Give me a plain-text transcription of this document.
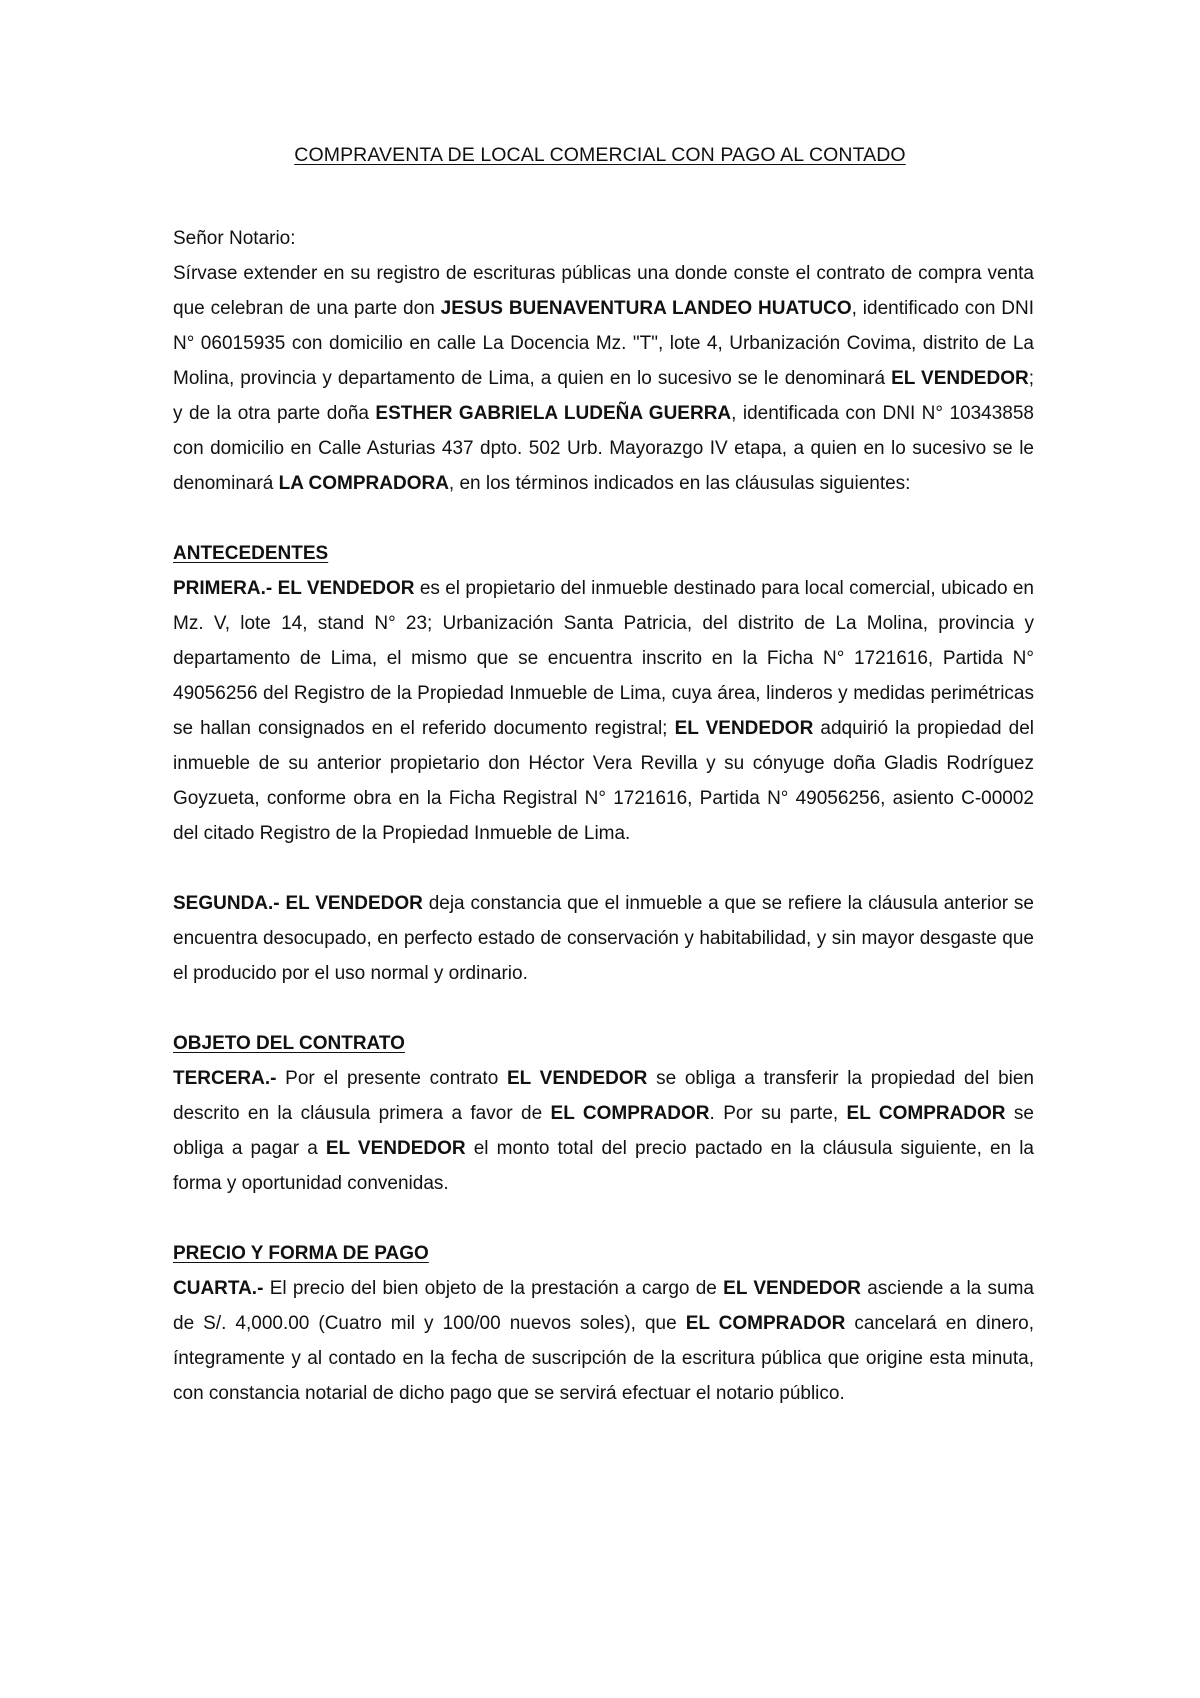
COMPRAVENTA DE LOCAL COMERCIAL CON PAGO AL CONTADO

Señor Notario:

Sírvase extender en su registro de escrituras públicas una donde conste el contrato de compra venta que celebran de una parte don JESUS BUENAVENTURA LANDEO HUATUCO, identificado con DNI N° 06015935 con domicilio en calle La Docencia Mz. "T", lote 4, Urbanización Covima, distrito de La Molina, provincia y departamento de Lima, a quien en lo sucesivo se le denominará EL VENDEDOR; y de la otra parte doña ESTHER GABRIELA LUDEÑA GUERRA, identificada con DNI N° 10343858 con domicilio en Calle Asturias 437 dpto. 502 Urb. Mayorazgo IV etapa, a quien en lo sucesivo se le denominará LA COMPRADORA, en los términos indicados en las cláusulas siguientes:

ANTECEDENTES

PRIMERA.- EL VENDEDOR es el propietario del inmueble destinado para local comercial, ubicado en Mz. V, lote 14, stand N° 23; Urbanización Santa Patricia, del distrito de La Molina, provincia y departamento de Lima, el mismo que se encuentra inscrito en la Ficha N° 1721616, Partida N° 49056256 del Registro de la Propiedad Inmueble de Lima, cuya área, linderos y medidas perimétricas se hallan consignados en el referido documento registral; EL VENDEDOR adquirió la propiedad del inmueble de su anterior propietario don Héctor Vera Revilla y su cónyuge doña Gladis Rodríguez Goyzueta, conforme obra en la Ficha Registral N° 1721616, Partida N° 49056256, asiento C-00002 del citado Registro de la Propiedad Inmueble de Lima.

SEGUNDA.- EL VENDEDOR deja constancia que el inmueble a que se refiere la cláusula anterior se encuentra desocupado, en perfecto estado de conservación y habitabilidad, y sin mayor desgaste que el producido por el uso normal y ordinario.

OBJETO DEL CONTRATO

TERCERA.- Por el presente contrato EL VENDEDOR se obliga a transferir la propiedad del bien descrito en la cláusula primera a favor de EL COMPRADOR. Por su parte, EL COMPRADOR se obliga a pagar a EL VENDEDOR el monto total del precio pactado en la cláusula siguiente, en la forma y oportunidad convenidas.

PRECIO Y FORMA DE PAGO

CUARTA.- El precio del bien objeto de la prestación a cargo de EL VENDEDOR asciende a la suma de S/. 4,000.00 (Cuatro mil y 100/00 nuevos soles), que EL COMPRADOR cancelará en dinero, íntegramente y al contado en la fecha de suscripción de la escritura pública que origine esta minuta, con constancia notarial de dicho pago que se servirá efectuar el notario público.
